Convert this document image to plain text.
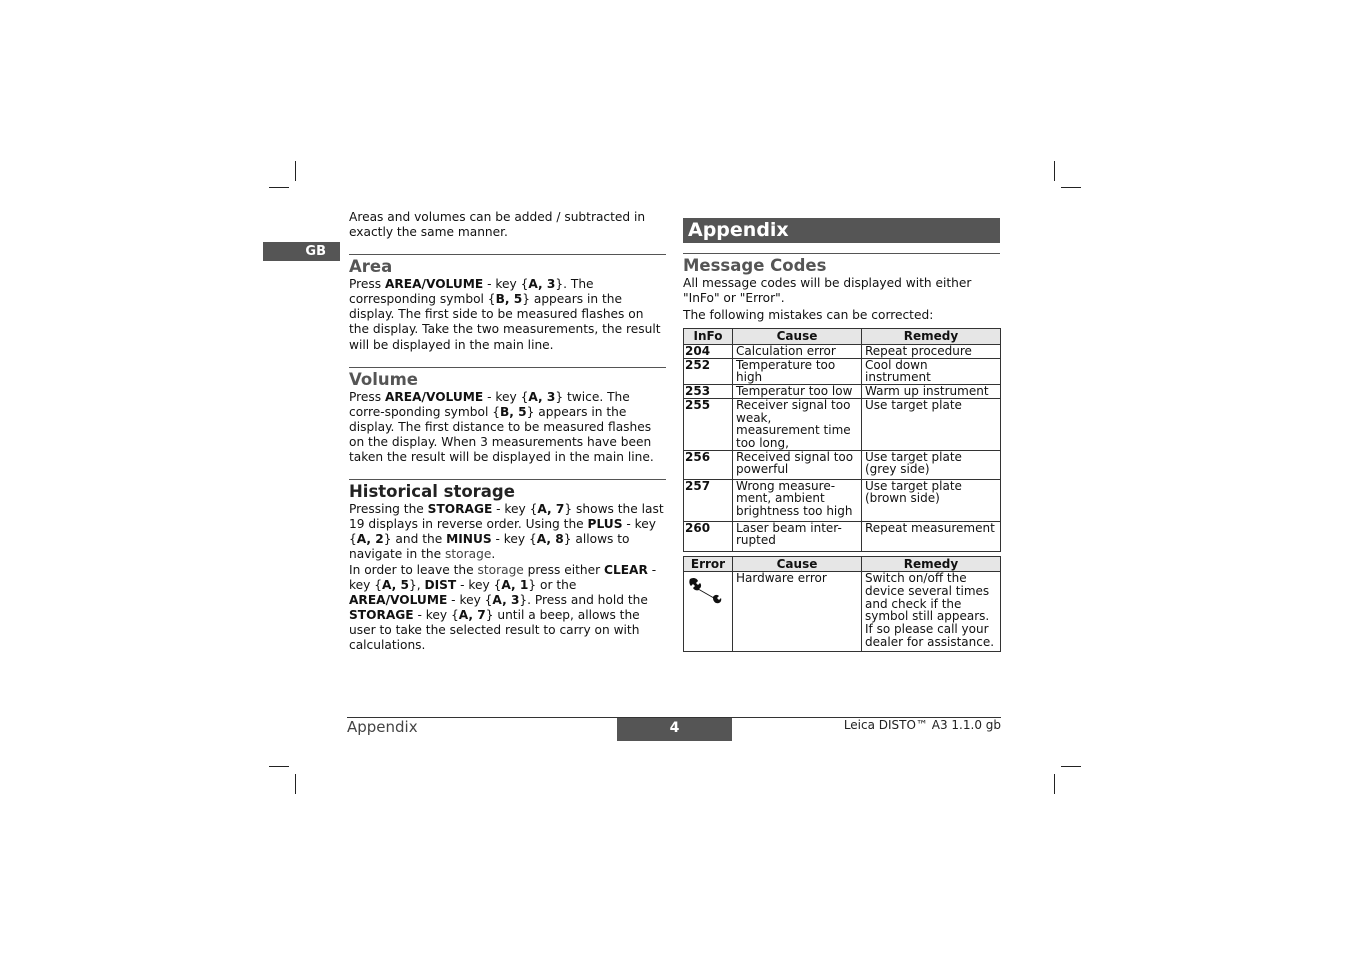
GB

Areas and volumes can be added / subtracted in exactly the same manner.

Area

Press AREA/VOLUME - key {A, 3}. The corresponding symbol {B, 5} appears in the display. The first side to be measured flashes on the display. Take the two measurements, the result will be displayed in the main line.

Volume

Press AREA/VOLUME - key {A, 3} twice. The corre-sponding symbol {B, 5} appears in the display. The first distance to be measured flashes on the display. When 3 measurements have been taken the result will be displayed in the main line.

Historical storage

Pressing the STORAGE - key {A, 7} shows the last 19 displays in reverse order. Using the PLUS - key {A, 2} and the MINUS - key {A, 8} allows to navigate in the storage.

In order to leave the storage press either CLEAR - key {A, 5}, DIST - key {A, 1} or the AREA/VOLUME - key {A, 3}. Press and hold the STORAGE - key {A, 7} until a beep, allows the user to take the selected result to carry on with calculations.

Appendix
Message Codes

All message codes will be displayed with either "InFo" or "Error".

The following mistakes can be corrected:

InFo	Cause	Remedy
204	Calculation error	Repeat procedure
252	Temperature too high	Cool down instrument
253	Temperatur too low	Warm up instrument
255	Receiver signal too weak, measurement time too long,	Use target plate
256	Received signal too powerful	Use target plate (grey side)
257	Wrong measure-ment, ambient brightness too high	Use target plate (brown side)
260	Laser beam inter-rupted	Repeat measurement
Error	Cause	Remedy
	Hardware error	Switch on/off the device several times and check if the symbol still appears. If so please call your dealer for assistance.
Appendix	4	Leica DISTO™ A3 1.1.0 gb
